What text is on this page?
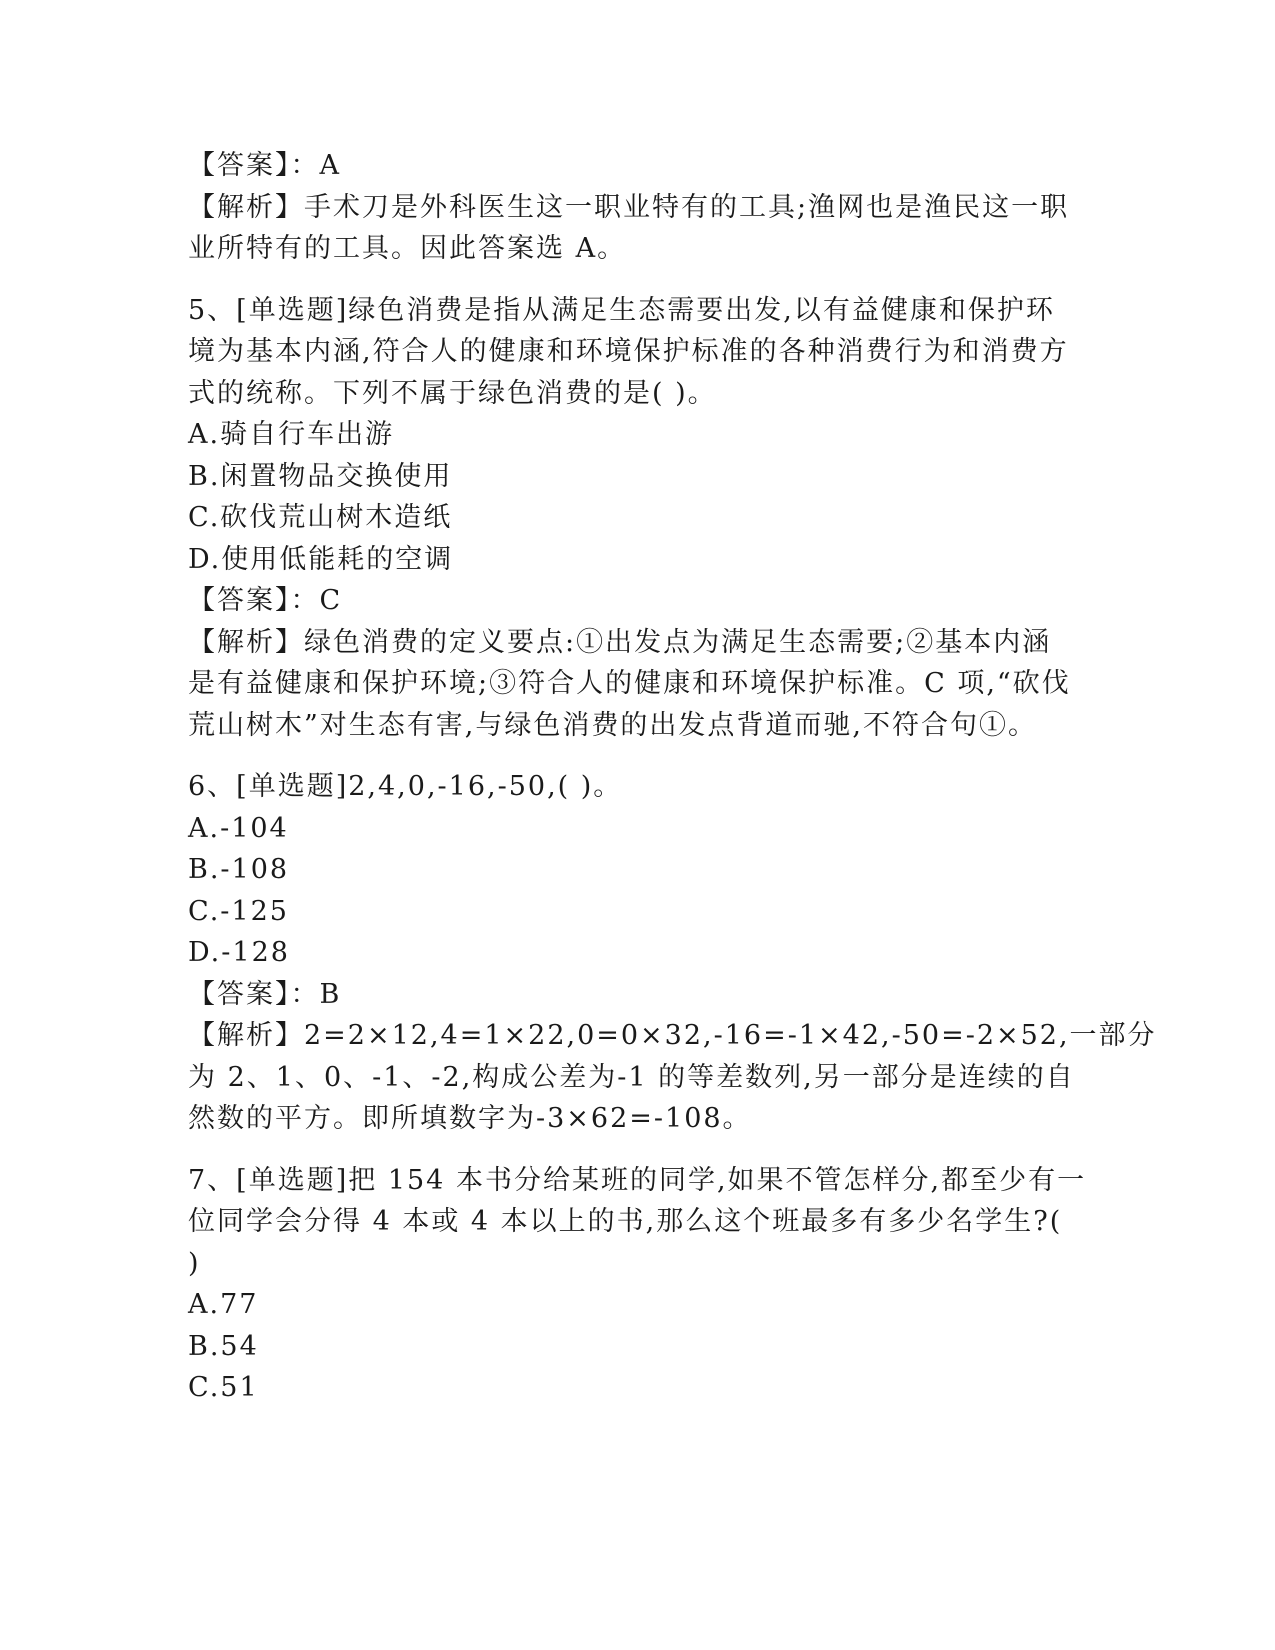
【答案】：A
【解析】手术刀是外科医生这一职业特有的工具;渔网也是渔民这一职
业所特有的工具。因此答案选 A。
5、[单选题]绿色消费是指从满足生态需要出发,以有益健康和保护环
境为基本内涵,符合人的健康和环境保护标准的各种消费行为和消费方
式的统称。下列不属于绿色消费的是( )。
A.骑自行车出游
B.闲置物品交换使用
C.砍伐荒山树木造纸
D.使用低能耗的空调
【答案】：C
【解析】绿色消费的定义要点:①出发点为满足生态需要;②基本内涵
是有益健康和保护环境;③符合人的健康和环境保护标准。C 项,“砍伐
荒山树木”对生态有害,与绿色消费的出发点背道而驰,不符合句①。
6、[单选题]2,4,0,-16,-50,( )。
A.-104
B.-108
C.-125
D.-128
【答案】：B
【解析】2=2×12,4=1×22,0=0×32,-16=-1×42,-50=-2×52,一部分
为 2、1、0、-1、-2,构成公差为-1 的等差数列,另一部分是连续的自
然数的平方。即所填数字为-3×62=-108。
7、[单选题]把 154 本书分给某班的同学,如果不管怎样分,都至少有一
位同学会分得 4 本或 4 本以上的书,那么这个班最多有多少名学生?(
)
A.77
B.54
C.51
